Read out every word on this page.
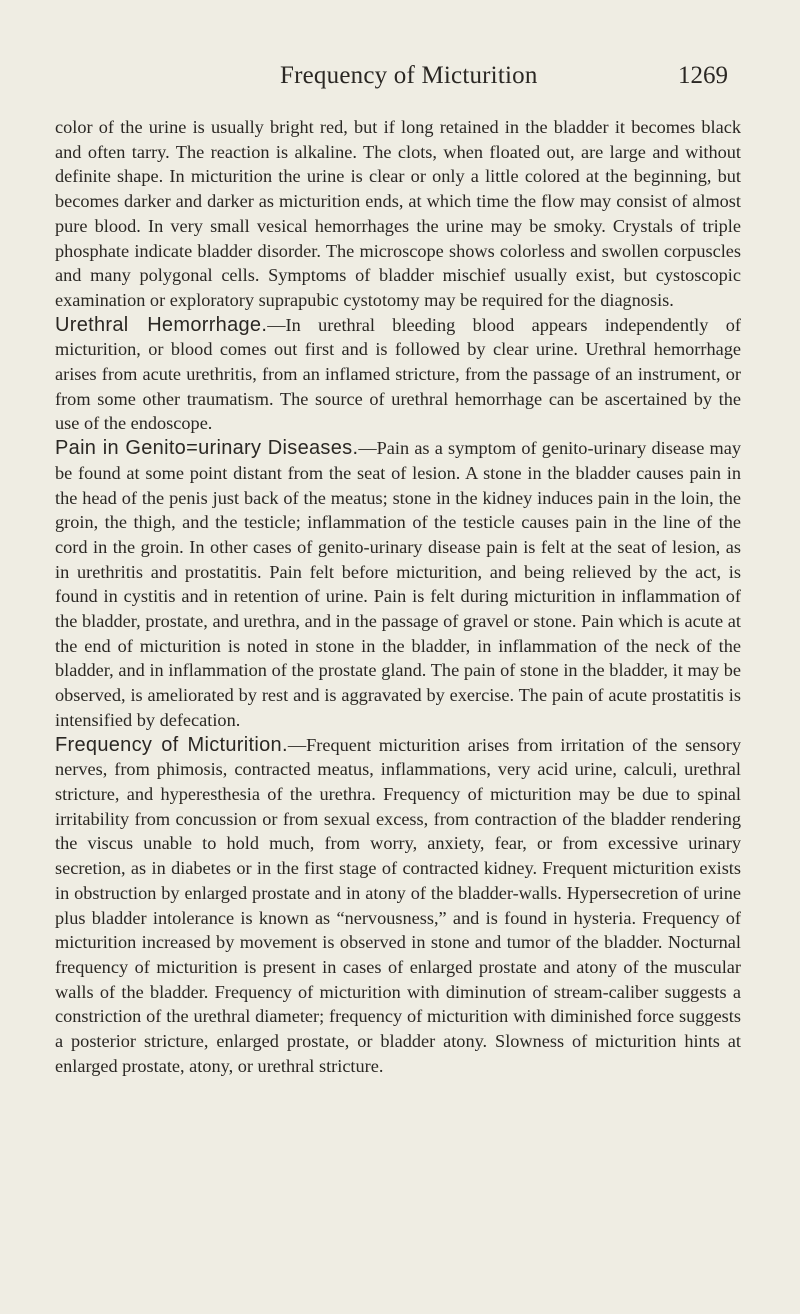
Frequency of Micturition	1269

color of the urine is usually bright red, but if long retained in the bladder it becomes black and often tarry. The reaction is alkaline. The clots, when floated out, are large and without definite shape. In micturition the urine is clear or only a little colored at the beginning, but becomes darker and darker as micturition ends, at which time the flow may consist of almost pure blood. In very small vesical hemorrhages the urine may be smoky. Crystals of triple phosphate indicate bladder disorder. The microscope shows colorless and swollen corpuscles and many polygonal cells. Symptoms of bladder mischief usually exist, but cystoscopic examination or exploratory suprapubic cystotomy may be required for the diagnosis.

Urethral Hemorrhage.—In urethral bleeding blood appears independently of micturition, or blood comes out first and is followed by clear urine. Urethral hemorrhage arises from acute urethritis, from an inflamed stricture, from the passage of an instrument, or from some other traumatism. The source of urethral hemorrhage can be ascertained by the use of the endoscope.

Pain in Genito=urinary Diseases.—Pain as a symptom of genito-urinary disease may be found at some point distant from the seat of lesion. A stone in the bladder causes pain in the head of the penis just back of the meatus; stone in the kidney induces pain in the loin, the groin, the thigh, and the testicle; inflammation of the testicle causes pain in the line of the cord in the groin. In other cases of genito-urinary disease pain is felt at the seat of lesion, as in urethritis and prostatitis. Pain felt before micturition, and being relieved by the act, is found in cystitis and in retention of urine. Pain is felt during micturition in inflammation of the bladder, prostate, and urethra, and in the passage of gravel or stone. Pain which is acute at the end of micturition is noted in stone in the bladder, in inflammation of the neck of the bladder, and in inflammation of the prostate gland. The pain of stone in the bladder, it may be observed, is ameliorated by rest and is aggravated by exercise. The pain of acute prostatitis is intensified by defecation.

Frequency of Micturition.—Frequent micturition arises from irritation of the sensory nerves, from phimosis, contracted meatus, inflammations, very acid urine, calculi, urethral stricture, and hyperesthesia of the urethra. Frequency of micturition may be due to spinal irritability from concussion or from sexual excess, from contraction of the bladder rendering the viscus unable to hold much, from worry, anxiety, fear, or from excessive urinary secretion, as in diabetes or in the first stage of contracted kidney. Frequent micturition exists in obstruction by enlarged prostate and in atony of the bladder-walls. Hypersecretion of urine plus bladder intolerance is known as “nervousness,” and is found in hysteria. Frequency of micturition increased by movement is observed in stone and tumor of the bladder. Nocturnal frequency of micturition is present in cases of enlarged prostate and atony of the muscular walls of the bladder. Frequency of micturition with diminution of stream-caliber suggests a constriction of the urethral diameter; frequency of micturition with diminished force suggests a posterior stricture, enlarged prostate, or bladder atony. Slowness of micturition hints at enlarged prostate, atony, or urethral stricture.
